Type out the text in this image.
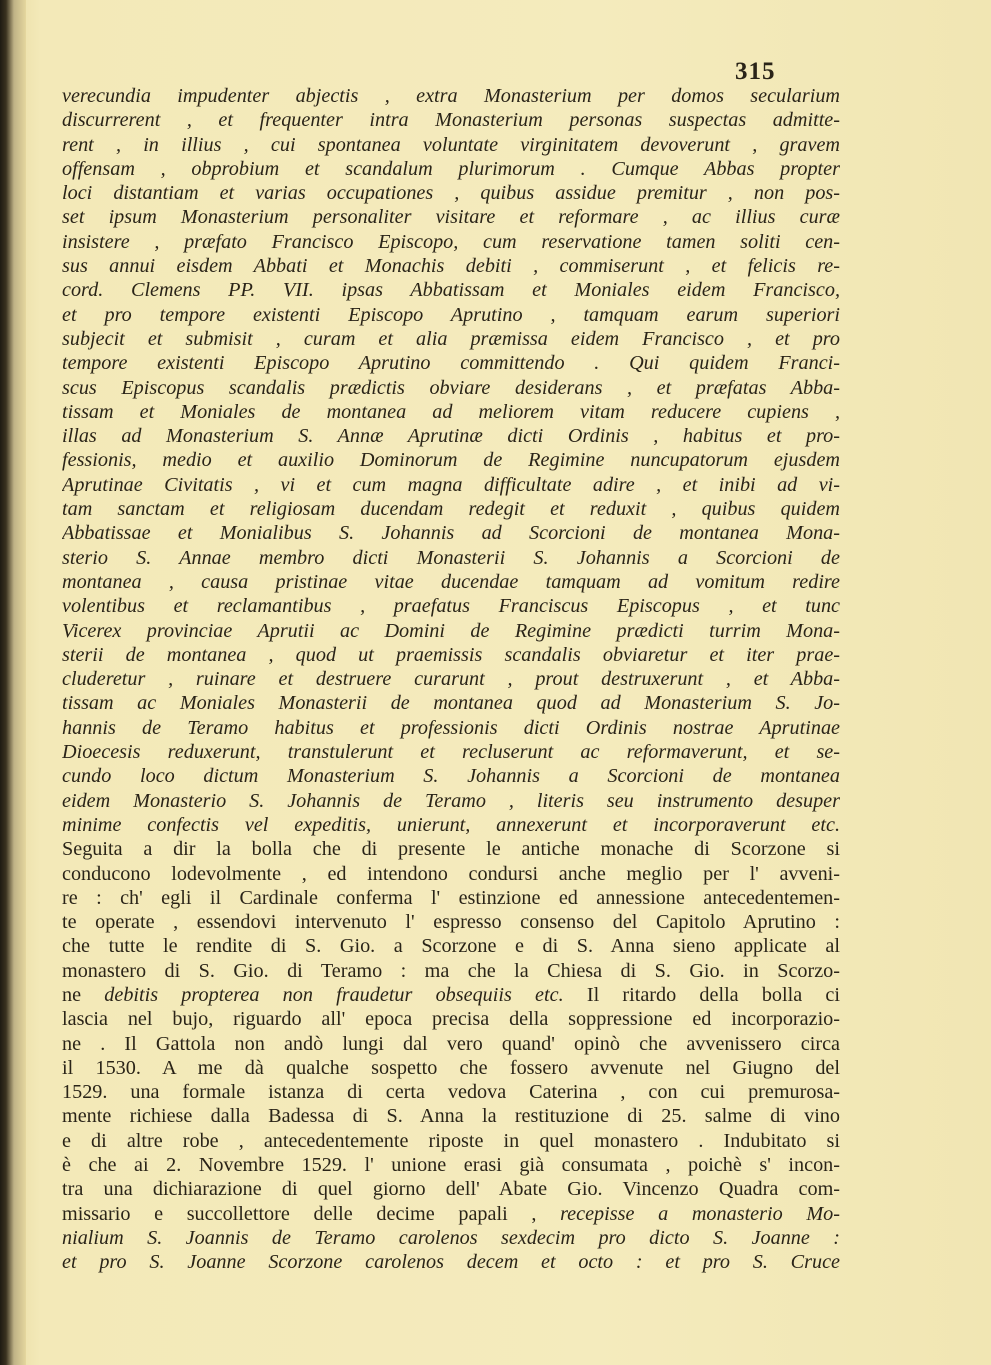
315
verecundia impudenter abjectis , extra Monasterium per domos secularium
discurrerent , et frequenter intra Monasterium personas suspectas admitte-
rent , in illius , cui spontanea voluntate virginitatem devoverunt , gravem
offensam , obprobium et scandalum plurimorum . Cumque Abbas propter
loci distantiam et varias occupationes , quibus assidue premitur , non pos-
set ipsum Monasterium personaliter visitare et reformare , ac illius curæ
insistere , præfato Francisco Episcopo, cum reservatione tamen soliti cen-
sus annui eisdem Abbati et Monachis debiti , commiserunt , et felicis re-
cord. Clemens PP. VII. ipsas Abbatissam et Moniales eidem Francisco,
et pro tempore existenti Episcopo Aprutino , tamquam earum superiori
subjecit et submisit , curam et alia præmissa eidem Francisco , et pro
tempore existenti Episcopo Aprutino committendo . Qui quidem Franci-
scus Episcopus scandalis prædictis obviare desiderans , et præfatas Abba-
tissam et Moniales de montanea ad meliorem vitam reducere cupiens ,
illas ad Monasterium S. Annæ Aprutinæ dicti Ordinis , habitus et pro-
fessionis, medio et auxilio Dominorum de Regimine nuncupatorum ejusdem
Aprutinae Civitatis , vi et cum magna difficultate adire , et inibi ad vi-
tam sanctam et religiosam ducendam redegit et reduxit , quibus quidem
Abbatissae et Monialibus S. Johannis ad Scorcioni de montanea Mona-
sterio S. Annae membro dicti Monasterii S. Johannis a Scorcioni de
montanea , causa pristinae vitae ducendae tamquam ad vomitum redire
volentibus et reclamantibus , praefatus Franciscus Episcopus , et tunc
Vicerex provinciae Aprutii ac Domini de Regimine prædicti turrim Mona-
sterii de montanea , quod ut praemissis scandalis obviaretur et iter prae-
cluderetur , ruinare et destruere curarunt , prout destruxerunt , et Abba-
tissam ac Moniales Monasterii de montanea quod ad Monasterium S. Jo-
hannis de Teramo habitus et professionis dicti Ordinis nostrae Aprutinae
Dioecesis reduxerunt, transtulerunt et recluserunt ac reformaverunt, et se-
cundo loco dictum Monasterium S. Johannis a Scorcioni de montanea
eidem Monasterio S. Johannis de Teramo , literis seu instrumento desuper
minime confectis vel expeditis, unierunt, annexerunt et incorporaverunt etc.
Seguita a dir la bolla che di presente le antiche monache di Scorzone si
conducono lodevolmente , ed intendono condursi anche meglio per l' avveni-
re : ch' egli il Cardinale conferma l' estinzione ed annessione antecedentemen-
te operate , essendovi intervenuto l' espresso consenso del Capitolo Aprutino :
che tutte le rendite di S. Gio. a Scorzone e di S. Anna sieno applicate al
monastero di S. Gio. di Teramo : ma che la Chiesa di S. Gio. in Scorzo-
ne debitis propterea non fraudetur obsequiis etc. Il ritardo della bolla ci
lascia nel bujo, riguardo all' epoca precisa della soppressione ed incorporazio-
ne . Il Gattola non andò lungi dal vero quand' opinò che avvenissero circa
il 1530. A me dà qualche sospetto che fossero avvenute nel Giugno del
1529. una formale istanza di certa vedova Caterina , con cui premurosa-
mente richiese dalla Badessa di S. Anna la restituzione di 25. salme di vino
e di altre robe , antecedentemente riposte in quel monastero . Indubitato si
è che ai 2. Novembre 1529. l' unione erasi già consumata , poichè s' incon-
tra una dichiarazione di quel giorno dell' Abate Gio. Vincenzo Quadra com-
missario e succollettore delle decime papali , recepisse a monasterio Mo-
nialium S. Joannis de Teramo carolenos sexdecim pro dicto S. Joanne :
et pro S. Joanne Scorzone carolenos decem et octo : et pro S. Cruce
